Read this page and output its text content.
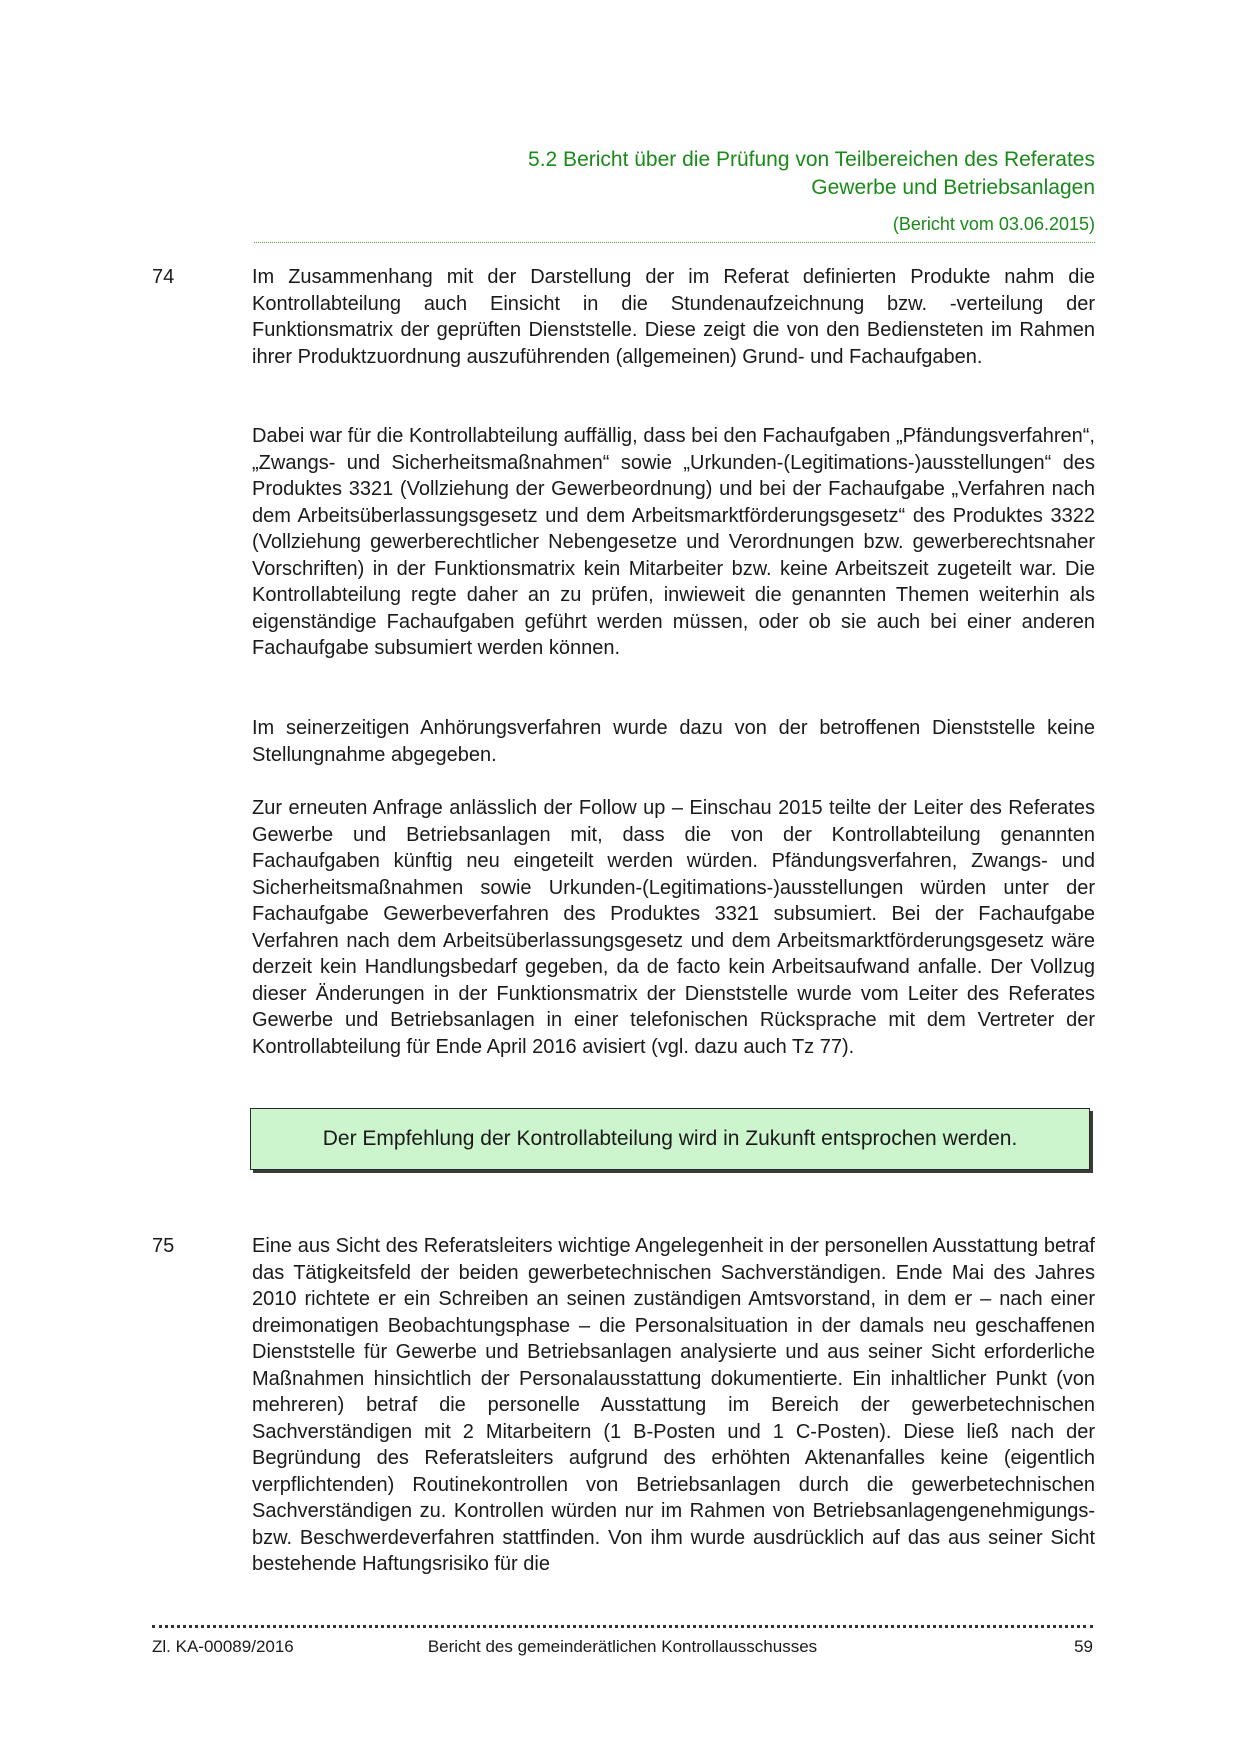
5.2 Bericht über die Prüfung von Teilbereichen des Referates
Gewerbe und Betriebsanlagen
(Bericht vom 03.06.2015)
74	Im Zusammenhang mit der Darstellung der im Referat definierten Produkte nahm die Kontrollabteilung auch Einsicht in die Stundenaufzeichnung bzw. -verteilung der Funktionsmatrix der geprüften Dienststelle. Diese zeigt die von den Bediensteten im Rahmen ihrer Produktzuordnung auszuführenden (allgemeinen) Grund- und Fachaufgaben.

Dabei war für die Kontrollabteilung auffällig, dass bei den Fachaufgaben „Pfändungsverfahren“, „Zwangs- und Sicherheitsmaßnahmen“ sowie „Urkunden-(Legitimations-)ausstellungen“ des Produktes 3321 (Vollziehung der Gewerbeordnung) und bei der Fachaufgabe „Verfahren nach dem Arbeitsüberlassungsgesetz und dem Arbeitsmarktförderungsgesetz“ des Produktes 3322 (Vollziehung gewerberechtlicher Nebengesetze und Verordnungen bzw. gewerberechtsnaher Vorschriften) in der Funktionsmatrix kein Mitarbeiter bzw. keine Arbeitszeit zugeteilt war. Die Kontrollabteilung regte daher an zu prüfen, inwieweit die genannten Themen weiterhin als eigenständige Fachaufgaben geführt werden müssen, oder ob sie auch bei einer anderen Fachaufgabe subsumiert werden können.

Im seinerzeitigen Anhörungsverfahren wurde dazu von der betroffenen Dienststelle keine Stellungnahme abgegeben.

Zur erneuten Anfrage anlässlich der Follow up – Einschau 2015 teilte der Leiter des Referates Gewerbe und Betriebsanlagen mit, dass die von der Kontrollabteilung genannten Fachaufgaben künftig neu eingeteilt werden würden. Pfändungsverfahren, Zwangs- und Sicherheitsmaßnahmen sowie Urkunden-(Legitimations-)ausstellungen würden unter der Fachaufgabe Gewerbeverfahren des Produktes 3321 subsumiert. Bei der Fachaufgabe Verfahren nach dem Arbeitsüberlassungsgesetz und dem Arbeitsmarktförderungsgesetz wäre derzeit kein Handlungsbedarf gegeben, da de facto kein Arbeitsaufwand anfalle. Der Vollzug dieser Änderungen in der Funktionsmatrix der Dienststelle wurde vom Leiter des Referates Gewerbe und Betriebsanlagen in einer telefonischen Rücksprache mit dem Vertreter der Kontrollabteilung für Ende April 2016 avisiert (vgl. dazu auch Tz 77).

Der Empfehlung der Kontrollabteilung wird in Zukunft entsprochen werden.
75	Eine aus Sicht des Referatsleiters wichtige Angelegenheit in der personellen Ausstattung betraf das Tätigkeitsfeld der beiden gewerbetechnischen Sachverständigen. Ende Mai des Jahres 2010 richtete er ein Schreiben an seinen zuständigen Amtsvorstand, in dem er – nach einer dreimonatigen Beobachtungsphase – die Personalsituation in der damals neu geschaffenen Dienststelle für Gewerbe und Betriebsanlagen analysierte und aus seiner Sicht erforderliche Maßnahmen hinsichtlich der Personalausstattung dokumentierte. Ein inhaltlicher Punkt (von mehreren) betraf die personelle Ausstattung im Bereich der gewerbetechnischen Sachverständigen mit 2 Mitarbeitern (1 B-Posten und 1 C-Posten). Diese ließ nach der Begründung des Referatsleiters aufgrund des erhöhten Aktenanfalles keine (eigentlich verpflichtenden) Routinekontrollen von Betriebsanlagen durch die gewerbetechnischen Sachverständigen zu. Kontrollen würden nur im Rahmen von Betriebsanlagengenehmigungs- bzw. Beschwerdeverfahren stattfinden. Von ihm wurde ausdrücklich auf das aus seiner Sicht bestehende Haftungsrisiko für die

Zl. KA-00089/2016	Bericht des gemeinderätlichen Kontrollausschusses	59
